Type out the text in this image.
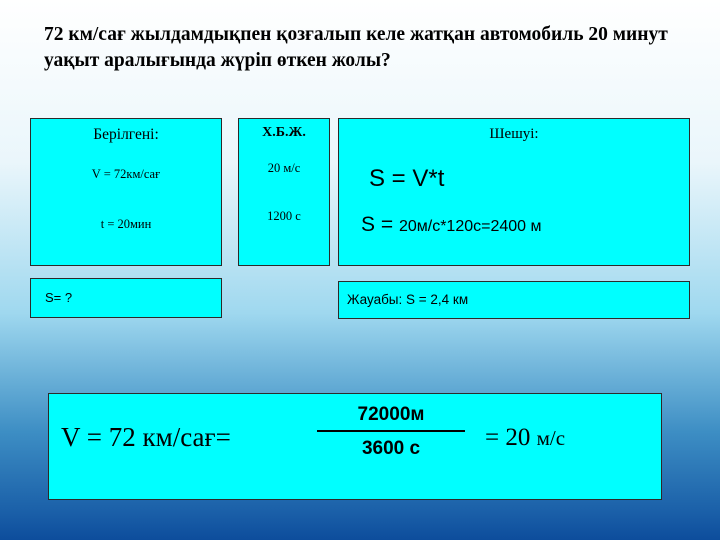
72 км/сағ жылдамдықпен қозғалып келе жатқан автомобиль 20 минут уақыт аралығында жүріп өткен жолы?
Берілгені:
V = 72км/сағ
t = 20мин
Х.Б.Ж.
20 м/с
1200 с
Шешуі:
S = V*t
S = 20м/с*120с=2400 м
S= ?	Жауабы: S = 2,4 км
V = 72 км/сағ=
72000м
3600 с	= 20 м/с
